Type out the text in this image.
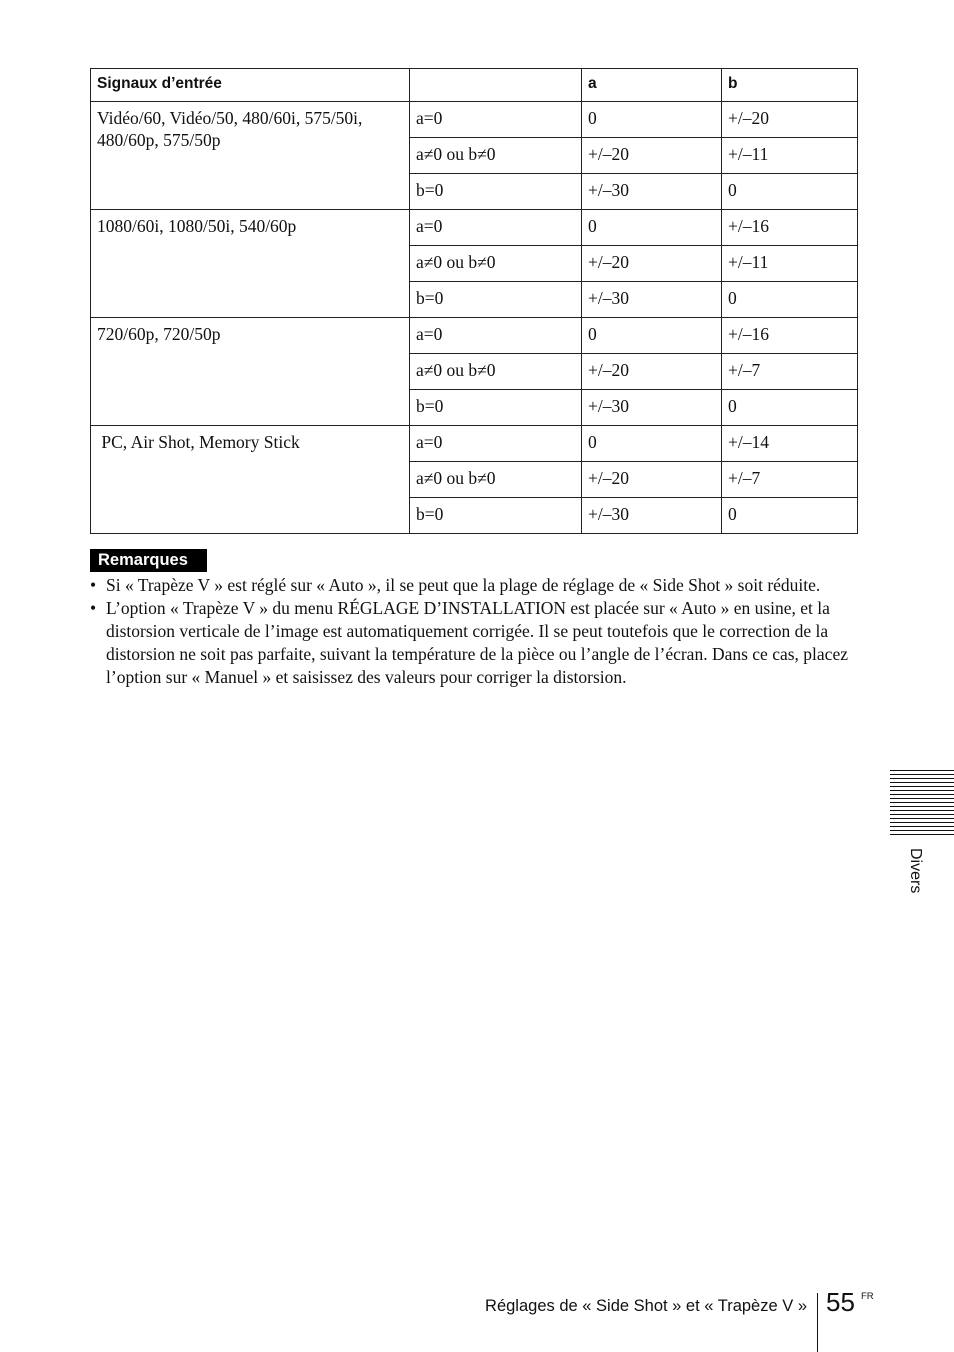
Signaux d’entrée		a	b
Vidéo/60, Vidéo/50, 480/60i, 575/50i, 480/60p, 575/50p	a=0	0	+/–20
	a≠0 ou b≠0	+/–20	+/–11
	b=0	+/–30	0
1080/60i, 1080/50i, 540/60p	a=0	0	+/–16
	a≠0 ou b≠0	+/–20	+/–11
	b=0	+/–30	0
720/60p, 720/50p	a=0	0	+/–16
	a≠0 ou b≠0	+/–20	+/–7
	b=0	+/–30	0
PC, Air Shot, Memory Stick	a=0	0	+/–14
	a≠0 ou b≠0	+/–20	+/–7
	b=0	+/–30	0
Remarques
• Si « Trapèze V » est réglé sur « Auto », il se peut que la plage de réglage de « Side Shot » soit réduite.
• L’option « Trapèze V » du menu RÉGLAGE D’INSTALLATION est placée sur « Auto » en usine, et la distorsion verticale de l’image est automatiquement corrigée. Il se peut toutefois que le correction de la distorsion ne soit pas parfaite, suivant la température de la pièce ou l’angle de l’écran. Dans ce cas, placez l’option sur « Manuel » et saisissez des valeurs pour corriger la distorsion.
Divers
Réglages de « Side Shot » et « Trapèze V » 55 FR
